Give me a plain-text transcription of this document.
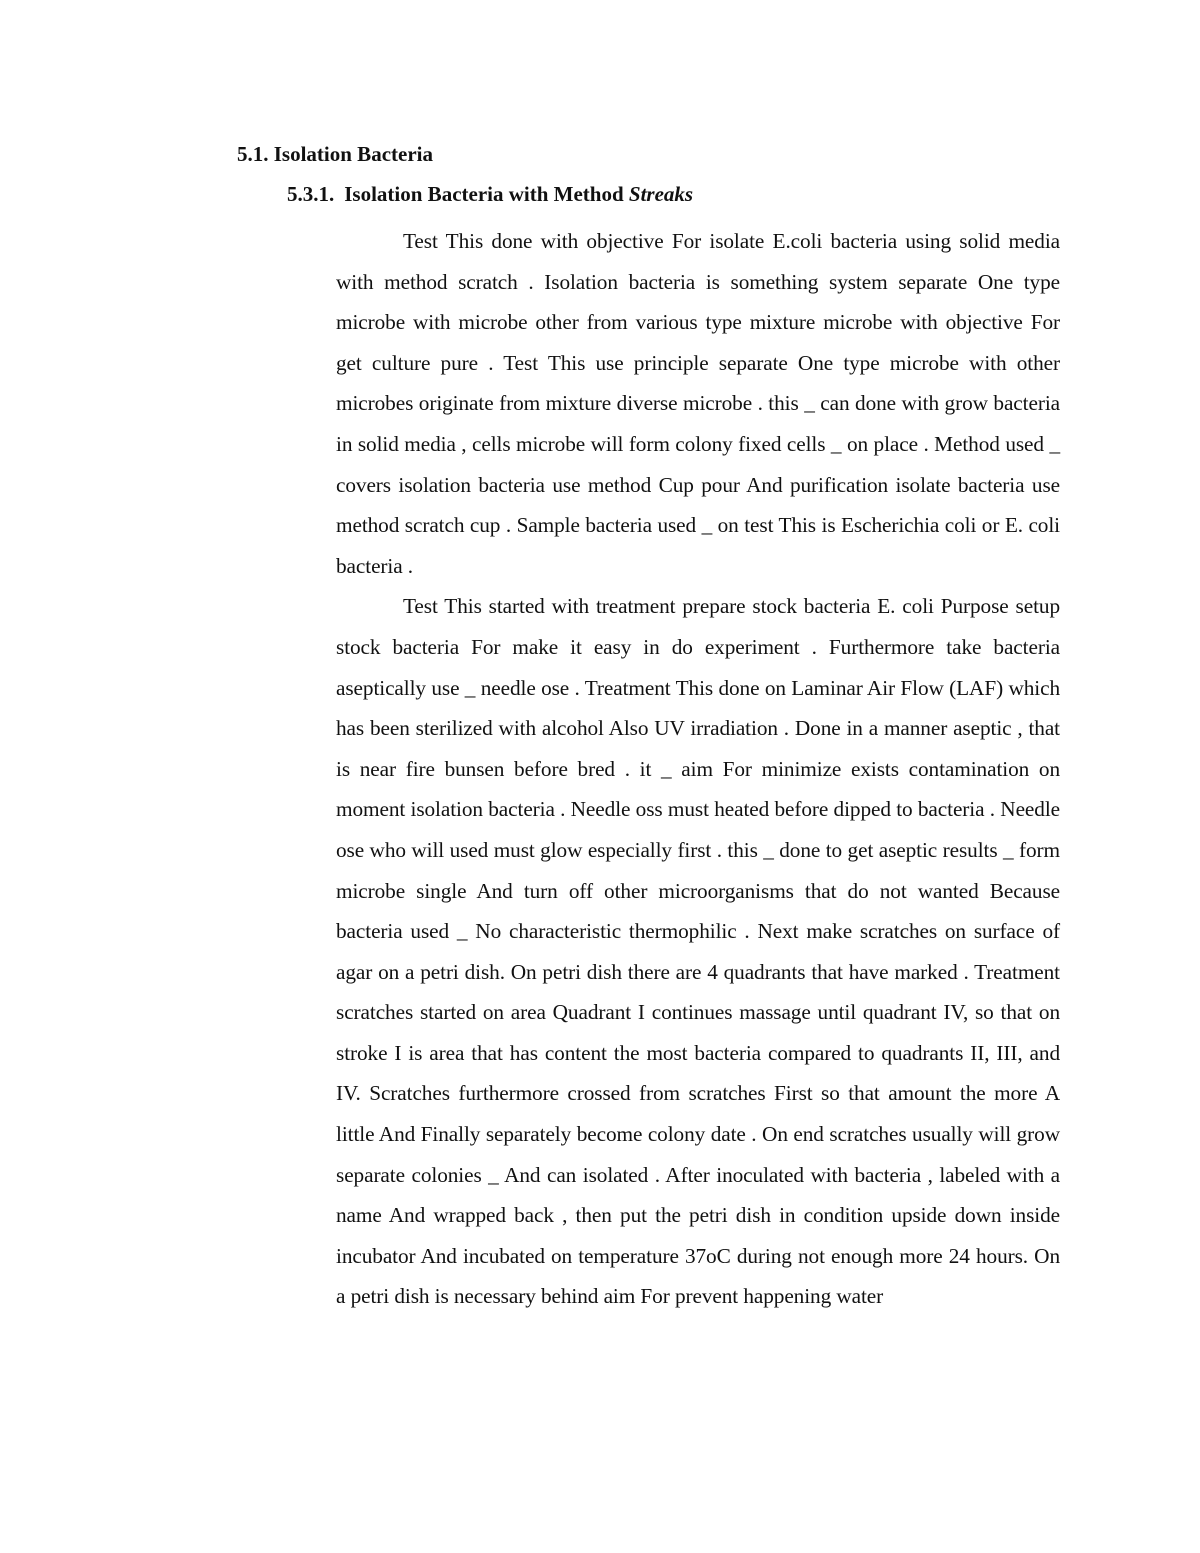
5.1. Isolation Bacteria
5.3.1. Isolation Bacteria with Method Streaks

Test This done with objective For isolate E.coli bacteria using solid media with method scratch . Isolation bacteria is something system separate One type microbe with microbe other from various type mixture microbe with objective For get culture pure . Test This use principle separate One type microbe with other microbes originate from mixture diverse microbe . this _ can done with grow bacteria in solid media , cells microbe will form colony fixed cells _ on place . Method used _ covers isolation bacteria use method Cup pour And purification isolate bacteria use method scratch cup . Sample bacteria used _ on test This is Escherichia coli or E. coli bacteria .

Test This started with treatment prepare stock bacteria E. coli Purpose setup stock bacteria For make it easy in do experiment . Furthermore take bacteria aseptically use _ needle ose . Treatment This done on Laminar Air Flow (LAF) which has been sterilized with alcohol Also UV irradiation . Done in a manner aseptic , that is near fire bunsen before bred . it _ aim For minimize exists contamination on moment isolation bacteria . Needle oss must heated before dipped to bacteria . Needle ose who will used must glow especially first . this _ done to get aseptic results _ form microbe single And turn off other microorganisms that do not wanted Because bacteria used _ No characteristic thermophilic . Next make scratches on surface of agar on a petri dish. On petri dish there are 4 quadrants that have marked . Treatment scratches started on area Quadrant I continues massage until quadrant IV, so that on stroke I is area that has content the most bacteria compared to quadrants II, III, and IV. Scratches furthermore crossed from scratches First so that amount the more A little And Finally separately become colony date . On end scratches usually will grow separate colonies _ And can isolated . After inoculated with bacteria , labeled with a name And wrapped back , then put the petri dish in condition upside down inside incubator And incubated on temperature 37oC during not enough more 24 hours. On a petri dish is necessary behind aim For prevent happening water
